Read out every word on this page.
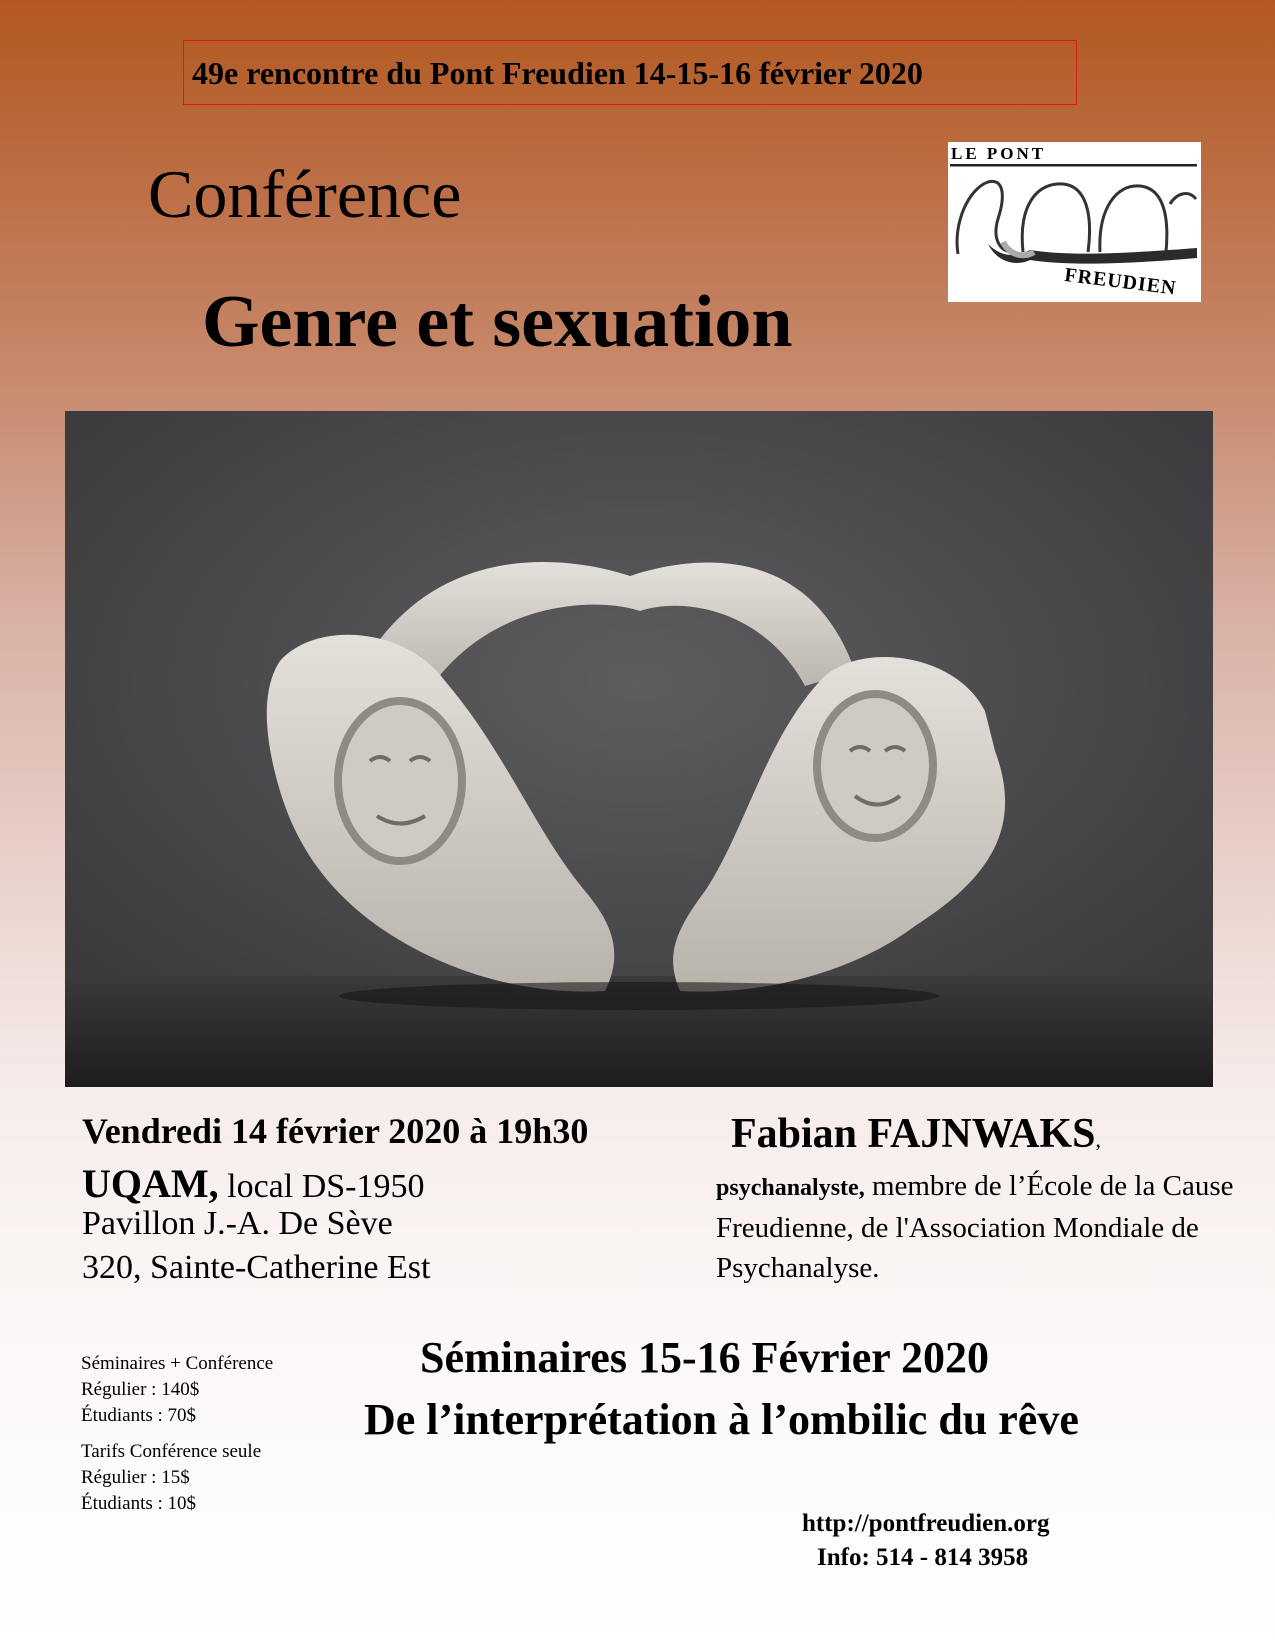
49e rencontre du Pont Freudien 14-15-16 février 2020
Conférence
Genre et sexuation
LE PONT
FREUDIEN
Vendredi 14 février 2020 à 19h30
UQAM, local DS-1950
Pavillon J.-A. De Sève
320, Sainte-Catherine Est
Fabian FAJNWAKS,
psychanalyste, membre de l’École de la Cause Freudienne, de l'Association Mondiale de Psychanalyse.
Séminaires + Conférence
Régulier : 140$
Étudiants : 70$
Tarifs Conférence seule
Régulier : 15$
Étudiants : 10$
Séminaires 15-16 Février 2020
De l’interprétation à l’ombilic du rêve
http://pontfreudien.org
Info: 514 - 814 3958
